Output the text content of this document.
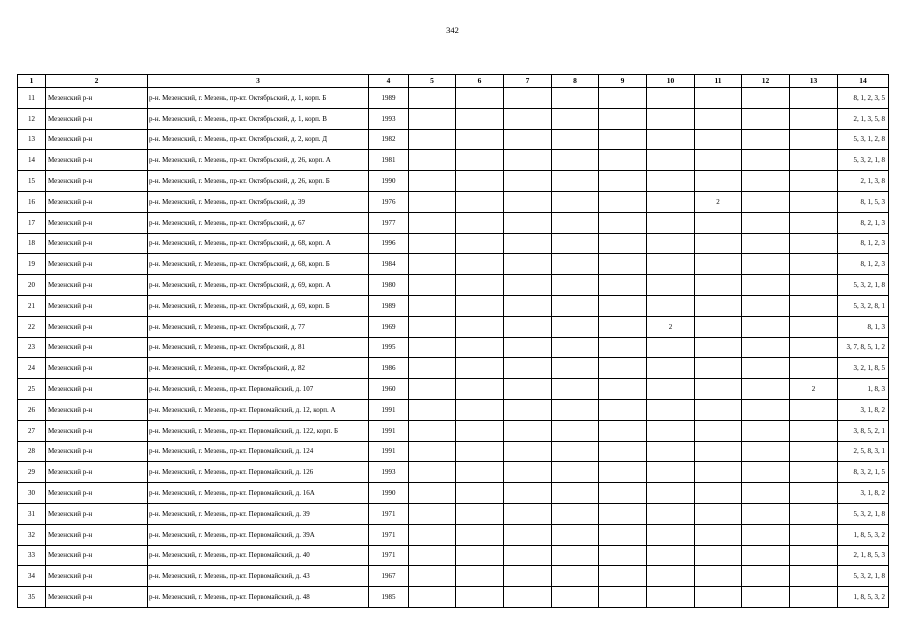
342
1	2	3	4	5	6	7	8	9	10	11	12	13	14
11	Мезенский р-н	р-н. Мезенский, г. Мезень, пр-кт. Октябрьский, д. 1, корп. Б	1989										8, 1, 2, 3, 5
12	Мезенский р-н	р-н. Мезенский, г. Мезень, пр-кт. Октябрьский, д. 1, корп. В	1993										2, 1, 3, 5, 8
13	Мезенский р-н	р-н. Мезенский, г. Мезень, пр-кт. Октябрьский, д. 2, корп. Д	1982										5, 3, 1, 2, 8
14	Мезенский р-н	р-н. Мезенский, г. Мезень, пр-кт. Октябрьский, д. 26, корп. А	1981										5, 3, 2, 1, 8
15	Мезенский р-н	р-н. Мезенский, г. Мезень, пр-кт. Октябрьский, д. 26, корп. Б	1990										2, 1, 3, 8
16	Мезенский р-н	р-н. Мезенский, г. Мезень, пр-кт. Октябрьский, д. 39	1976							2			8, 1, 5, 3
17	Мезенский р-н	р-н. Мезенский, г. Мезень, пр-кт. Октябрьский, д. 67	1977										8, 2, 1, 3
18	Мезенский р-н	р-н. Мезенский, г. Мезень, пр-кт. Октябрьский, д. 68, корп. А	1996										8, 1, 2, 3
19	Мезенский р-н	р-н. Мезенский, г. Мезень, пр-кт. Октябрьский, д. 68, корп. Б	1984										8, 1, 2, 3
20	Мезенский р-н	р-н. Мезенский, г. Мезень, пр-кт. Октябрьский, д. 69, корп. А	1980										5, 3, 2, 1, 8
21	Мезенский р-н	р-н. Мезенский, г. Мезень, пр-кт. Октябрьский, д. 69, корп. Б	1989										5, 3, 2, 8, 1
22	Мезенский р-н	р-н. Мезенский, г. Мезень, пр-кт. Октябрьский, д. 77	1969						2				8, 1, 3
23	Мезенский р-н	р-н. Мезенский, г. Мезень, пр-кт. Октябрьский, д. 81	1995										3, 7, 8, 5, 1, 2
24	Мезенский р-н	р-н. Мезенский, г. Мезень, пр-кт. Октябрьский, д. 82	1986										3, 2, 1, 8, 5
25	Мезенский р-н	р-н. Мезенский, г. Мезень, пр-кт. Первомайский, д. 107	1960									2	1, 8, 3
26	Мезенский р-н	р-н. Мезенский, г. Мезень, пр-кт. Первомайский, д. 12, корп. А	1991										3, 1, 8, 2
27	Мезенский р-н	р-н. Мезенский, г. Мезень, пр-кт. Первомайский, д. 122, корп. Б	1991										3, 8, 5, 2, 1
28	Мезенский р-н	р-н. Мезенский, г. Мезень, пр-кт. Первомайский, д. 124	1991										2, 5, 8, 3, 1
29	Мезенский р-н	р-н. Мезенский, г. Мезень, пр-кт. Первомайский, д. 126	1993										8, 3, 2, 1, 5
30	Мезенский р-н	р-н. Мезенский, г. Мезень, пр-кт. Первомайский, д. 16А	1990										3, 1, 8, 2
31	Мезенский р-н	р-н. Мезенский, г. Мезень, пр-кт. Первомайский, д. 39	1971										5, 3, 2, 1, 8
32	Мезенский р-н	р-н. Мезенский, г. Мезень, пр-кт. Первомайский, д. 39А	1971										1, 8, 5, 3, 2
33	Мезенский р-н	р-н. Мезенский, г. Мезень, пр-кт. Первомайский, д. 40	1971										2, 1, 8, 5, 3
34	Мезенский р-н	р-н. Мезенский, г. Мезень, пр-кт. Первомайский, д. 43	1967										5, 3, 2, 1, 8
35	Мезенский р-н	р-н. Мезенский, г. Мезень, пр-кт. Первомайский, д. 48	1985										1, 8, 5, 3, 2
